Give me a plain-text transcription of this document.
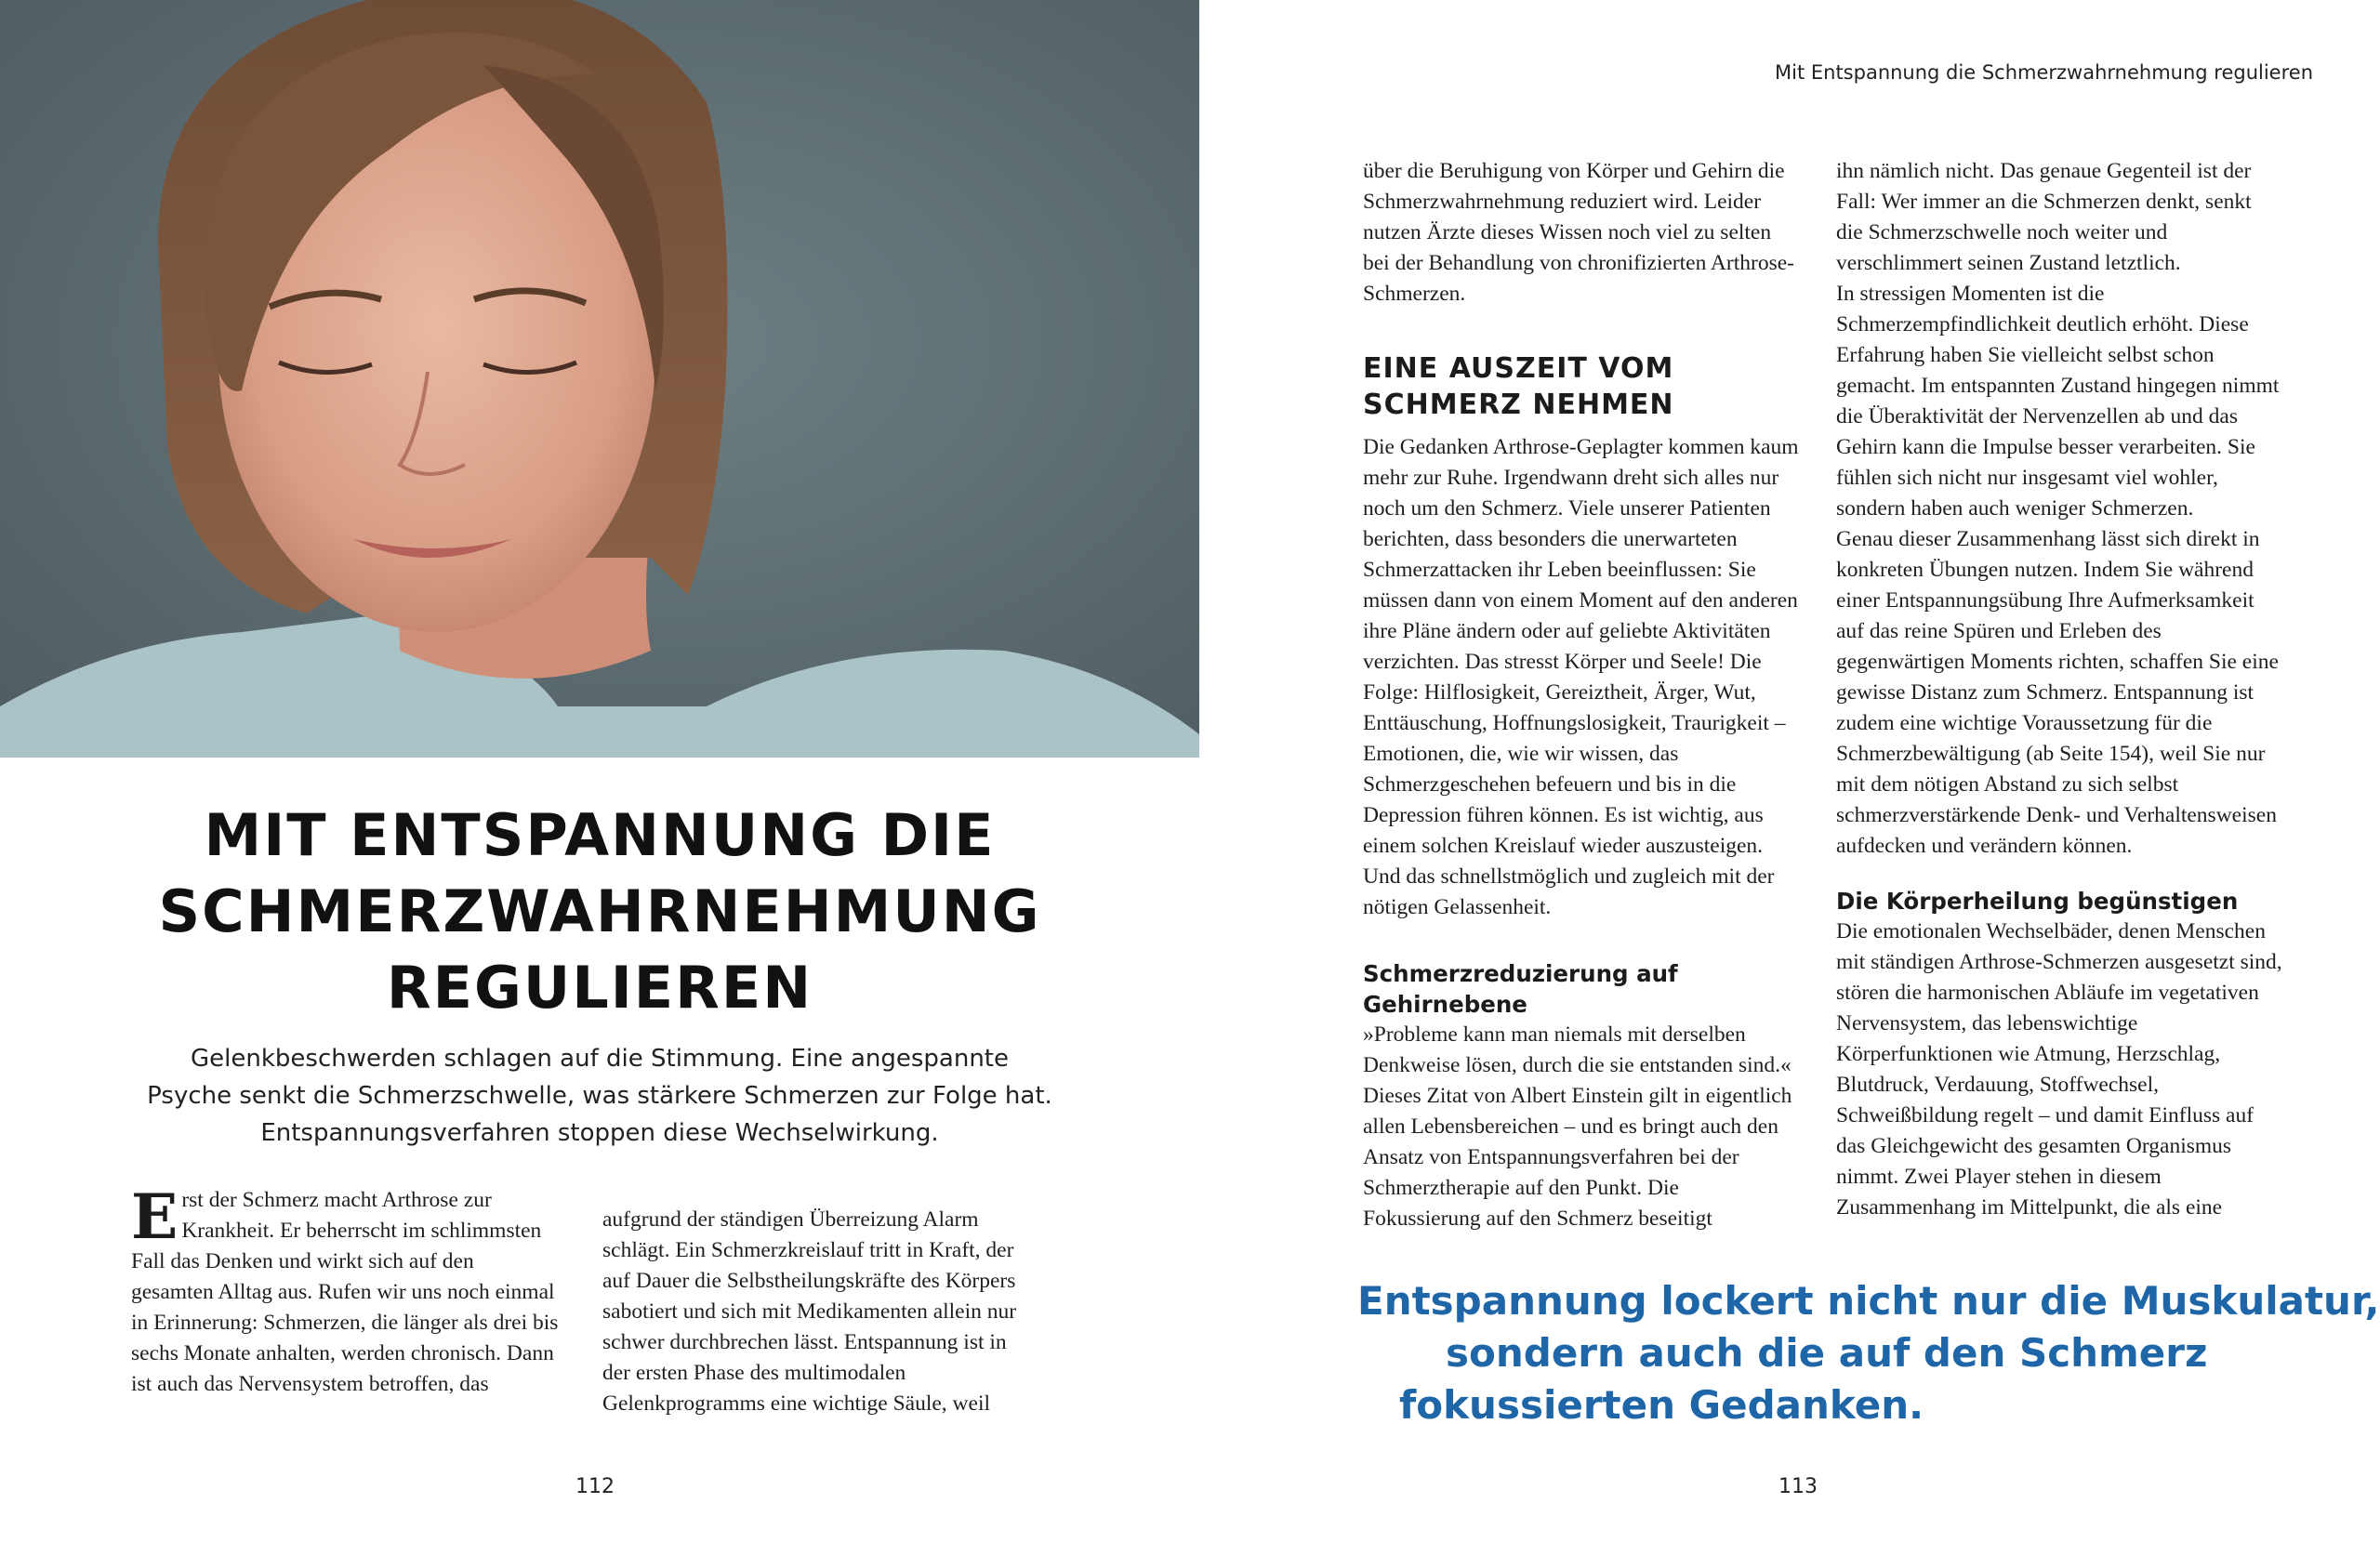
Mit Entspannung die Schmerzwahrnehmung regulieren
MIT ENTSPANNUNG DIE
SCHMERZWAHRNEHMUNG
REGULIEREN
Gelenkbeschwerden schlagen auf die Stimmung. Eine angespannte
Psyche senkt die Schmerzschwelle, was stärkere Schmerzen zur Folge hat.
Entspannungsverfahren stoppen diese Wechselwirkung.

Erst der Schmerz macht Arthrose zur Krankheit. Er beherrscht im schlimmsten Fall das Denken und wirkt sich auf den gesamten Alltag aus. Rufen wir uns noch einmal in Erinnerung: Schmerzen, die länger als drei bis sechs Monate anhalten, werden chronisch. Dann ist auch das Nervensystem betroffen, das

aufgrund der ständigen Überreizung Alarm schlägt. Ein Schmerzkreislauf tritt in Kraft, der auf Dauer die Selbstheilungskräfte des Körpers sabotiert und sich mit Medikamenten allein nur schwer durchbrechen lässt. Entspannung ist in der ersten Phase des multimodalen Gelenkprogramms eine wichtige Säule, weil

über die Beruhigung von Körper und Gehirn die Schmerzwahrnehmung reduziert wird. Leider nutzen Ärzte dieses Wissen noch viel zu selten bei der Behandlung von chronifizierten Arthrose-Schmerzen.

EINE AUSZEIT VOM SCHMERZ NEHMEN

Die Gedanken Arthrose-Geplagter kommen kaum mehr zur Ruhe. Irgendwann dreht sich alles nur noch um den Schmerz. Viele unserer Patienten berichten, dass besonders die unerwarteten Schmerzattacken ihr Leben beeinflussen: Sie müssen dann von einem Moment auf den anderen ihre Pläne ändern oder auf geliebte Aktivitäten verzichten. Das stresst Körper und Seele! Die Folge: Hilflosigkeit, Gereiztheit, Ärger, Wut, Enttäuschung, Hoffnungslosigkeit, Traurigkeit – Emotionen, die, wie wir wissen, das Schmerzgeschehen befeuern und bis in die Depression führen können. Es ist wichtig, aus einem solchen Kreislauf wieder auszusteigen. Und das schnellstmöglich und zugleich mit der nötigen Gelassenheit.

Schmerzreduzierung auf Gehirnebene

»Probleme kann man niemals mit derselben Denkweise lösen, durch die sie entstanden sind.« Dieses Zitat von Albert Einstein gilt in eigentlich allen Lebensbereichen – und es bringt auch den Ansatz von Entspannungsverfahren bei der Schmerztherapie auf den Punkt. Die Fokussierung auf den Schmerz beseitigt

ihn nämlich nicht. Das genaue Gegenteil ist der Fall: Wer immer an die Schmerzen denkt, senkt die Schmerzschwelle noch weiter und verschlimmert seinen Zustand letztlich.

In stressigen Momenten ist die Schmerzempfindlichkeit deutlich erhöht. Diese Erfahrung haben Sie vielleicht selbst schon gemacht. Im entspannten Zustand hingegen nimmt die Überaktivität der Nervenzellen ab und das Gehirn kann die Impulse besser verarbeiten. Sie fühlen sich nicht nur insgesamt viel wohler, sondern haben auch weniger Schmerzen.

Genau dieser Zusammenhang lässt sich direkt in konkreten Übungen nutzen. Indem Sie während einer Entspannungsübung Ihre Aufmerksamkeit auf das reine Spüren und Erleben des gegenwärtigen Moments richten, schaffen Sie eine gewisse Distanz zum Schmerz. Entspannung ist zudem eine wichtige Voraussetzung für die Schmerzbewältigung (ab Seite 154), weil Sie nur mit dem nötigen Abstand zu sich selbst schmerzverstärkende Denk- und Verhaltensweisen aufdecken und verändern können.

Die Körperheilung begünstigen

Die emotionalen Wechselbäder, denen Menschen mit ständigen Arthrose-Schmerzen ausgesetzt sind, stören die harmonischen Abläufe im vegetativen Nervensystem, das lebenswichtige Körperfunktionen wie Atmung, Herzschlag, Blutdruck, Verdauung, Stoffwechsel, Schweißbildung regelt – und damit Einfluss auf das Gleichgewicht des gesamten Organismus nimmt. Zwei Player stehen in diesem Zusammenhang im Mittelpunkt, die als eine

Entspannung lockert nicht nur die Muskulatur,
sondern auch die auf den Schmerz
fokussierten Gedanken.
112	113
